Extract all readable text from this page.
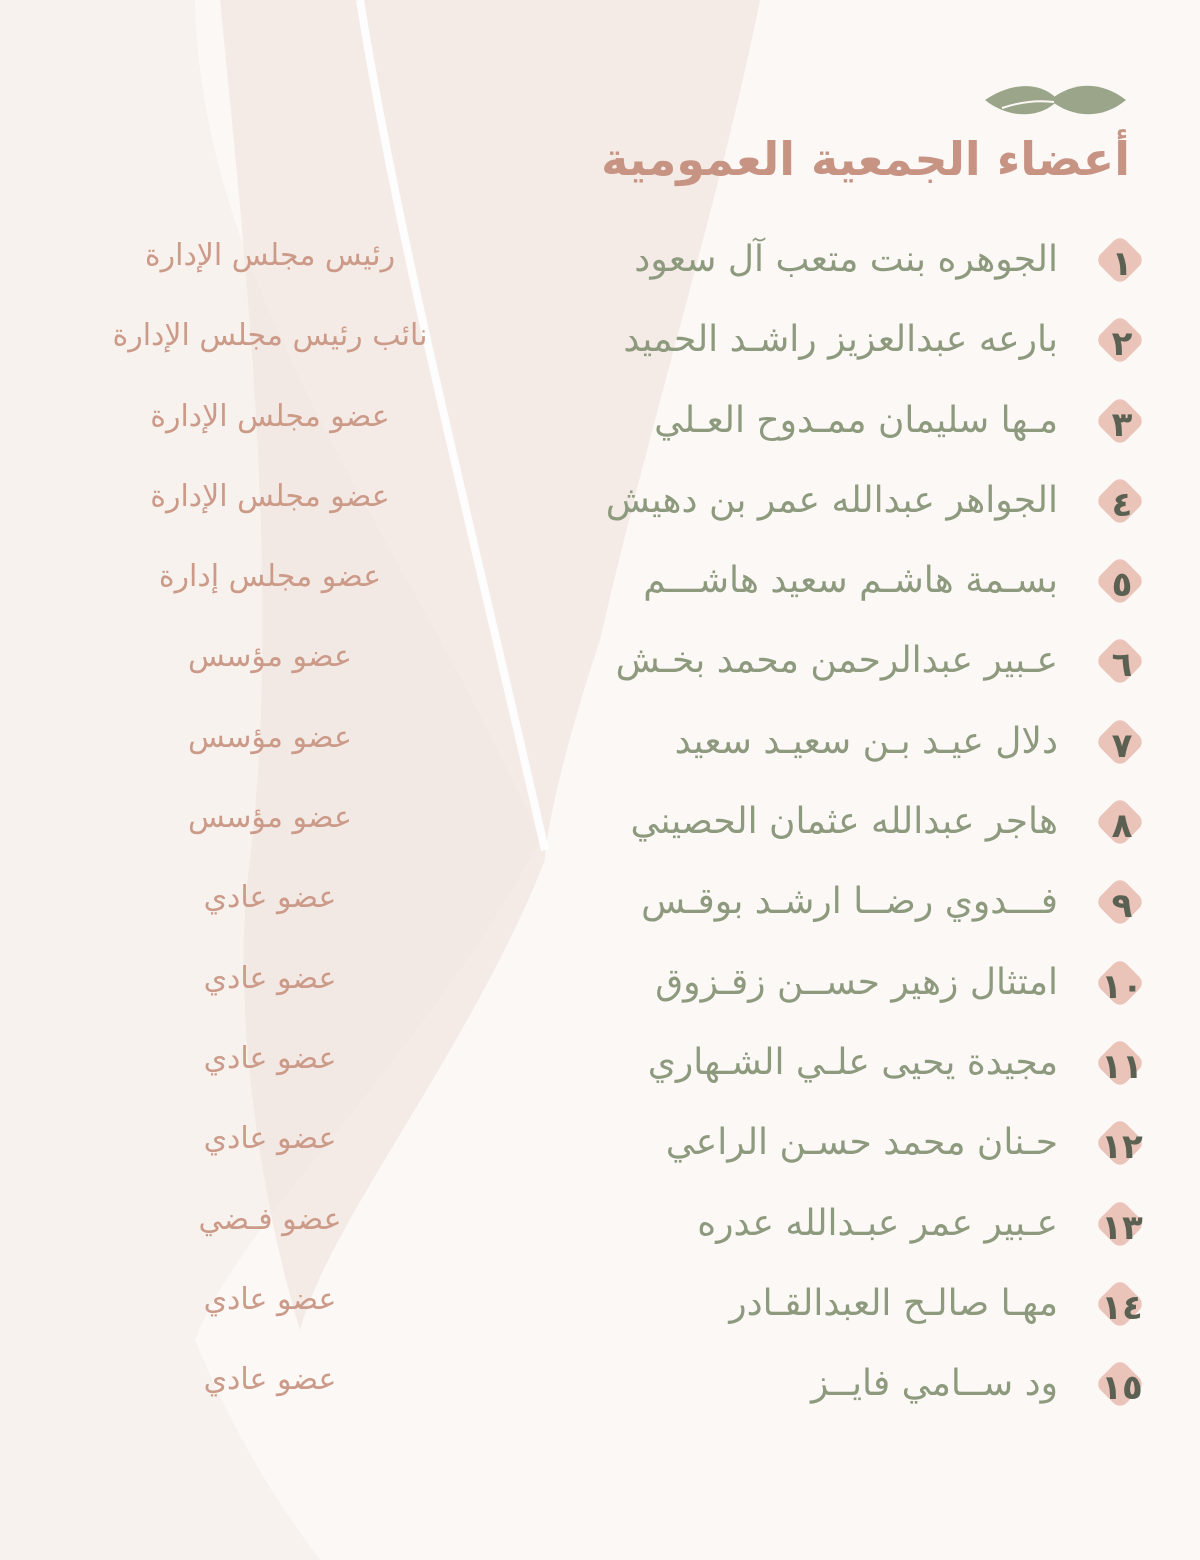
أعضاء الجمعية العمومية
١
الجوهره بنت متعب آل سعود
رئيس مجلس الإدارة
٢
بارعه عبدالعزيز راشـد الحميد
نائب رئيس مجلس الإدارة
٣
مـها سليمان ممـدوح العـلي
عضو مجلس الإدارة
٤
الجواهر عبدالله عمر بن دهيش
عضو مجلس الإدارة
٥
بسـمة هاشـم سعيد هاشـــم
عضو مجلس إدارة
٦
عـبير عبدالرحمن محمد بخـش
عضو مؤسس
٧
دلال عيـد بـن سعيـد سعيد
عضو مؤسس
٨
هاجر عبدالله عثمان الحصيني
عضو مؤسس
٩
فـــدوي رضــا ارشـد بوقـس
عضو عادي
١٠
امتثال زهير حســن زقـزوق
عضو عادي
١١
مجيدة يحيى علـي الشـهاري
عضو عادي
١٢
حـنان محمد حسـن الراعي
عضو عادي
١٣
عـبير عمر عبـدالله عدره
عضو فـضي
١٤
مهـا صالـح العبدالقـادر
عضو عادي
١٥
ود ســامي فايــز
عضو عادي
